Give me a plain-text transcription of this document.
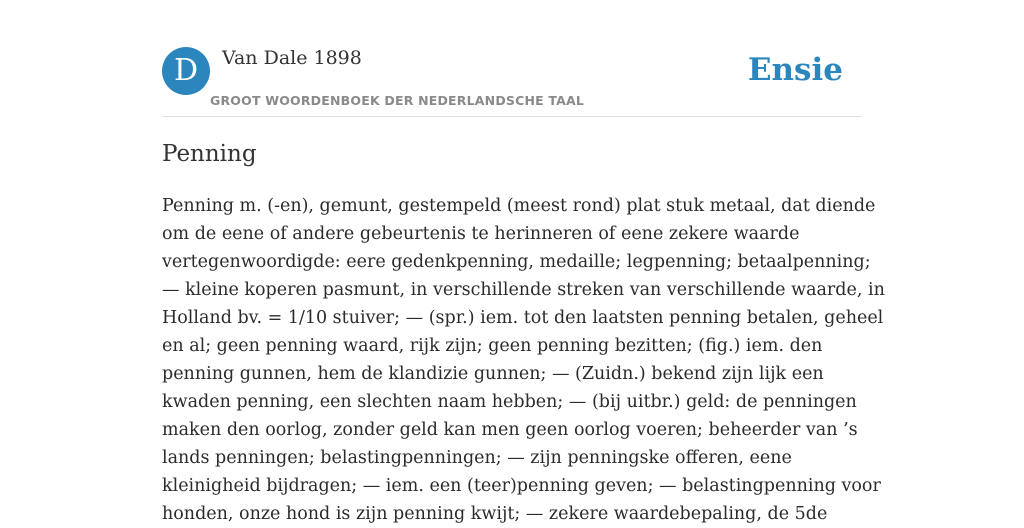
D	Van Dale 1898
GROOT WOORDENBOEK DER NEDERLANDSCHE TAAL
Ensie
Penning
Penning m. (-en), gemunt, gestempeld (meest rond) plat stuk metaal, dat diende
om de eene of andere gebeurtenis te herinneren of eene zekere waarde
vertegenwoordigde: eere gedenkpenning, medaille; legpenning; betaalpenning;
— kleine koperen pasmunt, in verschillende streken van verschillende waarde, in
Holland bv. = 1/10 stuiver; — (spr.) iem. tot den laatsten penning betalen, geheel
en al; geen penning waard, rijk zijn; geen penning bezitten; (fig.) iem. den
penning gunnen, hem de klandizie gunnen; — (Zuidn.) bekend zijn lijk een
kwaden penning, een slechten naam hebben; — (bij uitbr.) geld: de penningen
maken den oorlog, zonder geld kan men geen oorlog voeren; beheerder van ’s
lands penningen; belastingpenningen; — zijn penningske offeren, eene
kleinigheid bijdragen; — iem. een (teer)penning geven; — belastingpenning voor
honden, onze hond is zijn penning kwijt; — zekere waardebepaling, de 5de
